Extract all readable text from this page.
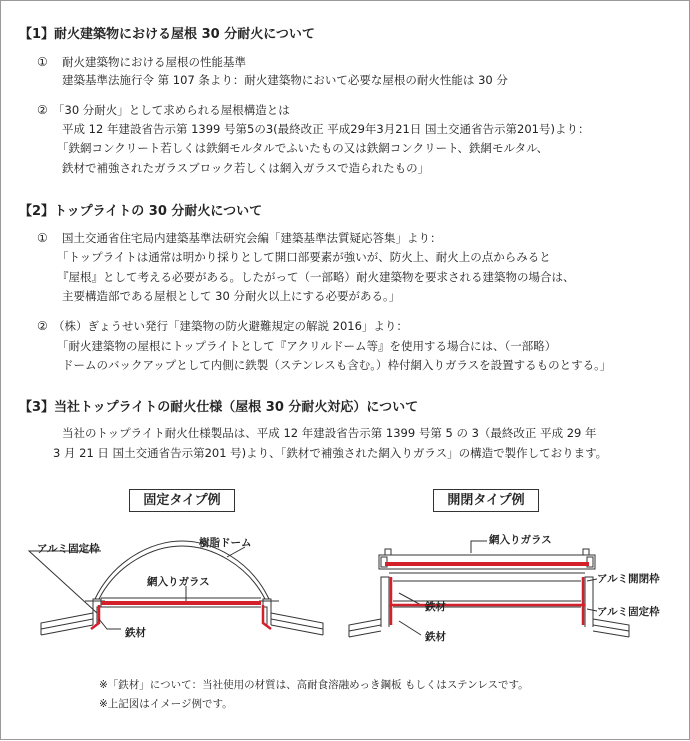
【1】耐火建築物における屋根 30 分耐火について
① 耐火建築物における屋根の性能基準
建築基準法施行令 第 107 条より：耐火建築物において必要な屋根の耐火性能は 30 分
② 「30 分耐火」として求められる屋根構造とは
平成 12 年建設省告示第 1399 号第5の3(最終改正 平成29年3月21日 国土交通省告示第201号)より：
「鉄網コンクリート若しくは鉄網モルタルでふいたもの又は鉄網コンクリート、鉄網モルタル、
鉄材で補強されたガラスブロック若しくは網入ガラスで造られたもの」
【2】トップライトの 30 分耐火について
① 国土交通省住宅局内建築基準法研究会編「建築基準法質疑応答集」より：
「トップライトは通常は明かり採りとして開口部要素が強いが、防火上、耐火上の点からみると
『屋根』として考える必要がある。したがって（一部略）耐火建築物を要求される建築物の場合は、
主要構造部である屋根として 30 分耐火以上にする必要がある。」
② （株）ぎょうせい発行「建築物の防火避難規定の解説 2016」より：
「耐火建築物の屋根にトップライトとして『アクリルドーム等』を使用する場合には、（一部略）
ドームのバックアップとして内側に鉄製（ステンレスも含む。）枠付網入りガラスを設置するものとする。」
【3】当社トップライトの耐火仕様（屋根 30 分耐火対応）について
当社のトップライト耐火仕様製品は、平成 12 年建設省告示第 1399 号第 5 の 3（最終改正 平成 29 年
3 月 21 日 国土交通省告示第201 号)より、「鉄材で補強された網入りガラス」の構造で製作しております。
固定タイプ例	開閉タイプ例
アルミ固定枠	樹脂ドーム
網入りガラス
鉄材
網入りガラス
鉄材
鉄材
アルミ開閉枠
アルミ固定枠
※「鉄材」について：当社使用の材質は、高耐食溶融めっき鋼板 もしくはステンレスです。
※上記図はイメージ例です。
